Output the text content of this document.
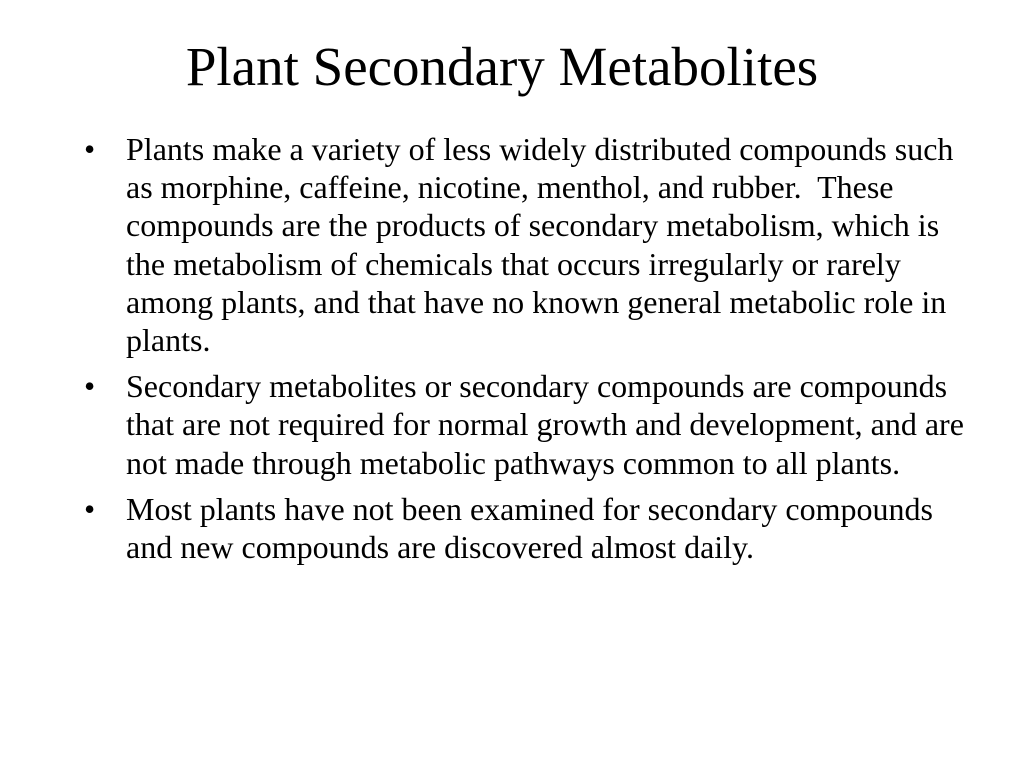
Plant Secondary Metabolites
• Plants make a variety of less widely distributed compounds such as morphine, caffeine, nicotine, menthol, and rubber.  These compounds are the products of secondary metabolism, which is the metabolism of chemicals that occurs irregularly or rarely among plants, and that have no known general metabolic role in plants.
• Secondary metabolites or secondary compounds are compounds that are not required for normal growth and development, and are not made through metabolic pathways common to all plants.
• Most plants have not been examined for secondary compounds and new compounds are discovered almost daily.
